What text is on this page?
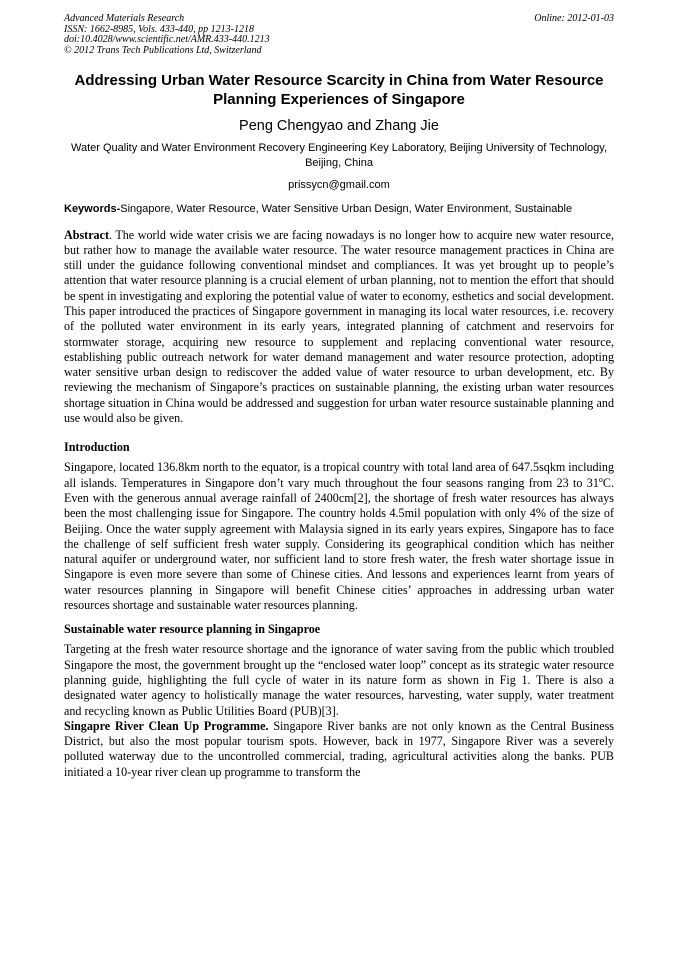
Advanced Materials Research
ISSN: 1662-8985, Vols. 433-440, pp 1213-1218
doi:10.4028/www.scientific.net/AMR.433-440.1213
© 2012 Trans Tech Publications Ltd, Switzerland
Online: 2012-01-03
Addressing Urban Water Resource Scarcity in China from Water Resource Planning Experiences of Singapore
Peng Chengyao and Zhang Jie
Water Quality and Water Environment Recovery Engineering Key Laboratory, Beijing University of Technology, Beijing, China
prissycn@gmail.com
Keywords-Singapore, Water Resource, Water Sensitive Urban Design, Water Environment, Sustainable

Abstract. The world wide water crisis we are facing nowadays is no longer how to acquire new water resource, but rather how to manage the available water resource. The water resource management practices in China are still under the guidance following conventional mindset and compliances. It was yet brought up to people’s attention that water resource planning is a crucial element of urban planning, not to mention the effort that should be spent in investigating and exploring the potential value of water to economy, esthetics and social development. This paper introduced the practices of Singapore government in managing its local water resources, i.e. recovery of the polluted water environment in its early years, integrated planning of catchment and reservoirs for stormwater storage, acquiring new resource to supplement and replacing conventional water resource, establishing public outreach network for water demand management and water resource protection, adopting water sensitive urban design to rediscover the added value of water resource to urban development, etc. By reviewing the mechanism of Singapore’s practices on sustainable planning, the existing urban water resources shortage situation in China would be addressed and suggestion for urban water resource sustainable planning and use would also be given.

Introduction

Singapore, located 136.8km north to the equator, is a tropical country with total land area of 647.5sqkm including all islands. Temperatures in Singapore don’t vary much throughout the four seasons ranging from 23 to 31$^o$C. Even with the generous annual average rainfall of 2400cm[2], the shortage of fresh water resources has always been the most challenging issue for Singapore. The country holds 4.5mil population with only 4% of the size of Beijing. Once the water supply agreement with Malaysia signed in its early years expires, Singapore has to face the challenge of self sufficient fresh water supply. Considering its geographical condition which has neither natural aquifer or underground water, nor sufficient land to store fresh water, the fresh water shortage issue in Singapore is even more severe than some of Chinese cities. And lessons and experiences learnt from years of water resources planning in Singapore will benefit Chinese cities’ approaches in addressing urban water resources shortage and sustainable water resources planning.

Sustainable water resource planning in Singaproe

Targeting at the fresh water resource shortage and the ignorance of water saving from the public which troubled Singapore the most, the government brought up the “enclosed water loop” concept as its strategic water resource planning guide, highlighting the full cycle of water in its nature form as shown in Fig 1. There is also a designated water agency to holistically manage the water resources, harvesting, water supply, water treatment and recycling known as Public Utilities Board (PUB)[3].

Singapre River Clean Up Programme. Singapore River banks are not only known as the Central Business District, but also the most popular tourism spots. However, back in 1977, Singapore River was a severely polluted waterway due to the uncontrolled commercial, trading, agricultural activities along the banks. PUB initiated a 10-year river clean up programme to transform the
